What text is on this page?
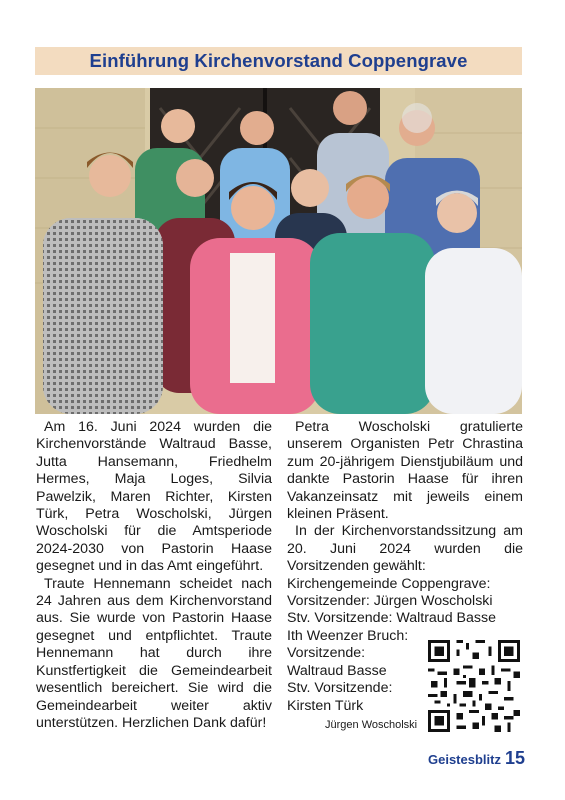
Einführung Kirchenvorstand Coppengrave

Am 16. Juni 2024 wurden die Kirchenvorstände Waltraud Basse, Jutta Hansemann, Friedhelm Hermes, Maja Loges, Silvia Pawelzik, Maren Richter, Kirsten Türk, Petra Woscholski, Jürgen Woscholski für die Amtsperiode 2024-2030 von Pastorin Haase gesegnet und in das Amt eingeführt.

Traute Hennemann scheidet nach 24 Jahren aus dem Kirchenvorstand aus. Sie wurde von Pastorin Haase gesegnet und entpflichtet. Traute Hennemann hat durch ihre Kunstfertigkeit die Gemeindearbeit wesentlich bereichert. Sie wird die Gemeindearbeit weiter aktiv unterstützen. Herzlichen Dank dafür!

Petra Woscholski gratulierte unserem Organisten Petr Chrastina zum 20-jährigem Dienstjubiläum und dankte Pastorin Haase für ihren Vakanzeinsatz mit jeweils einem kleinen Präsent.

In der Kirchenvorstandssitzung am 20. Juni 2024 wurden die Vorsitzenden gewählt:

Kirchengemeinde Coppengrave:
Vorsitzender: Jürgen Woscholski
Stv. Vorsitzende: Waltraud Basse
Ith Weenzer Bruch:
Vorsitzende:
Waltraud Basse
Stv. Vorsitzende:
Kirsten Türk
Jürgen Woscholski
Geistesblitz 15
